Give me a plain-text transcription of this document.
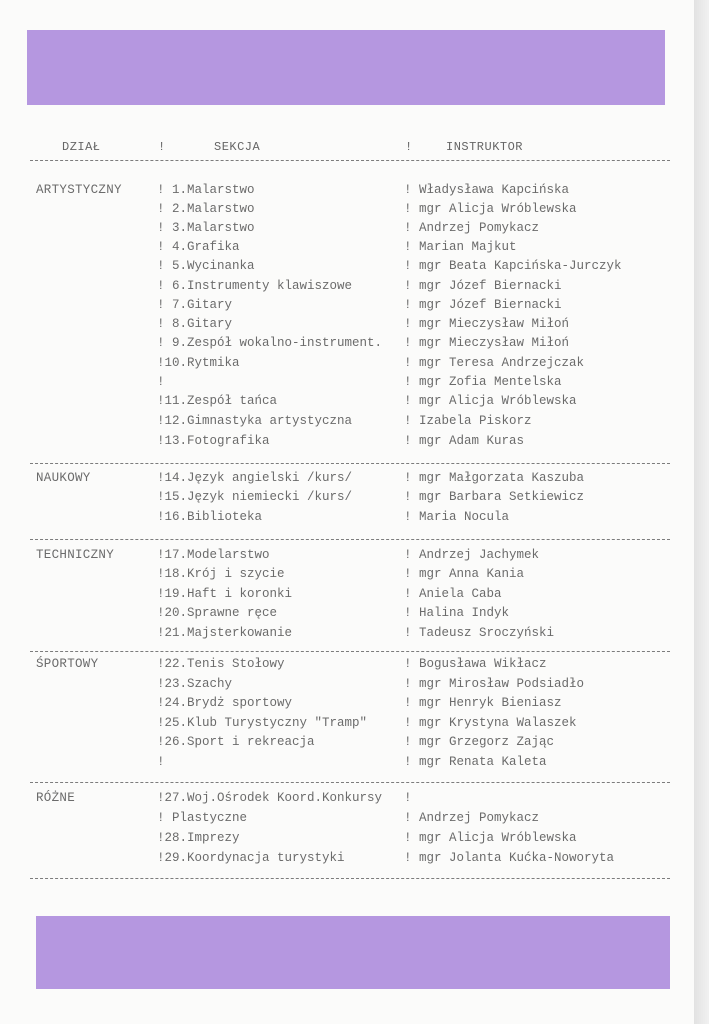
DZIAŁ	!	SEKCJA	!	INSTRUKTOR
ARTYSTYCZNY	! 1.Malarstwo	! Władysława Kapcińska
! 2.Malarstwo	! mgr Alicja Wróblewska
! 3.Malarstwo	! Andrzej Pomykacz
! 4.Grafika	! Marian Majkut
! 5.Wycinanka	! mgr Beata Kapcińska-Jurczyk
! 6.Instrumenty klawiszowe	! mgr Józef Biernacki
! 7.Gitary	! mgr Józef Biernacki
! 8.Gitary	! mgr Mieczysław Miłoń
! 9.Zespół wokalno-instrument. ! mgr Mieczysław Miłoń
!10.Rytmika	! mgr Teresa Andrzejczak
!	! mgr Zofia Mentelska
!11.Zespół tańca	! mgr Alicja Wróblewska
!12.Gimnastyka artystyczna	! Izabela Piskorz
!13.Fotografika	! mgr Adam Kuras
NAUKOWY	!14.Język angielski /kurs/	! mgr Małgorzata Kaszuba
!15.Język niemiecki /kurs/	! mgr Barbara Setkiewicz
!16.Biblioteka	! Maria Nocula
TECHNICZNY	!17.Modelarstwo	! Andrzej Jachymek
!18.Krój i szycie	! mgr Anna Kania
!19.Haft i koronki	! Aniela Caba
!20.Sprawne ręce	! Halina Indyk
!21.Majsterkowanie	! Tadeusz Sroczyński
ŚPORTOWY	!22.Tenis Stołowy	! Bogusława Wikłacz
!23.Szachy	! mgr Mirosław Podsiadło
!24.Brydż sportowy	! mgr Henryk Bieniasz
!25.Klub Turystyczny "Tramp"	! mgr Krystyna Walaszek
!26.Sport i rekreacja	! mgr Grzegorz Zając
!	! mgr Renata Kaleta
RÓŻNE	!27.Woj.Ośrodek Koord.Konkursy !
! Plastyczne	! Andrzej Pomykacz
!28.Imprezy	! mgr Alicja Wróblewska
!29.Koordynacja turystyki	! mgr Jolanta Kućka-Noworyta
